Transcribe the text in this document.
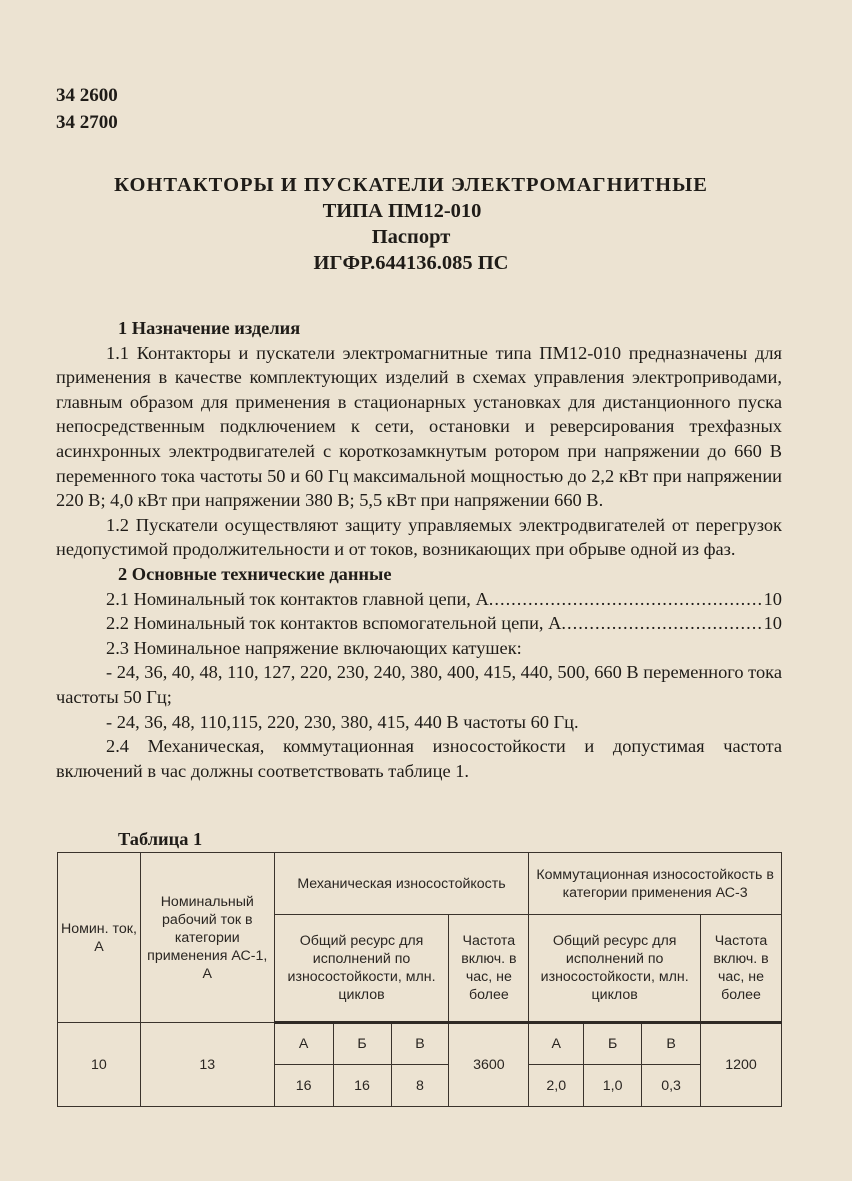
34 2600
34 2700
КОНТАКТОРЫ И ПУСКАТЕЛИ ЭЛЕКТРОМАГНИТНЫЕ
ТИПА ПМ12-010
Паспорт
ИГФР.644136.085 ПС
1 Назначение изделия
1.1 Контакторы и пускатели электромагнитные типа ПМ12-010 предназначены для применения в качестве комплектующих изделий в схемах управления электроприводами, главным образом для применения в стационарных установках для дистанционного пуска непосредственным подключением к сети, остановки и реверсирования трехфазных асинхронных электродвигателей с короткозамкнутым ротором при напряжении до 660 В переменного тока частоты 50 и 60 Гц максимальной мощностью до 2,2 кВт при напряжении 220 В; 4,0 кВт при напряжении 380 В; 5,5 кВт при напряжении 660 В.
1.2 Пускатели осуществляют защиту управляемых электродвигателей от перегрузок недопустимой продолжительности и от токов, возникающих при обрыве одной из фаз.
2 Основные технические данные
2.1 Номинальный ток контактов главной цепи, А .....	10
2.2 Номинальный ток контактов вспомогательной цепи, А .....	10
2.3 Номинальное напряжение включающих катушек:
- 24, 36, 40, 48, 110, 127, 220, 230, 240, 380, 400, 415, 440, 500, 660 В переменного тока частоты 50 Гц;
- 24, 36, 48, 110,115, 220, 230, 380, 415, 440 В частоты 60 Гц.
2.4 Механическая, коммутационная износостойкости и допустимая частота включений в час должны соответствовать таблице 1.
Таблица 1
Номин. ток, А	Номинальный рабочий ток в категории применения АС-1, А	Механическая износостойкость				Коммутационная износостойкость в категории применения АС-3			
		Общий ресурс для исполнений по износостойкости, млн. циклов			Частота включ. в час, не более	Общий ресурс для исполнений по износостойкости, млн. циклов			Частота включ. в час, не более
10	13	А	Б	В	3600	А	Б	В	1200
		16	16	8		2,0	1,0	0,3	
